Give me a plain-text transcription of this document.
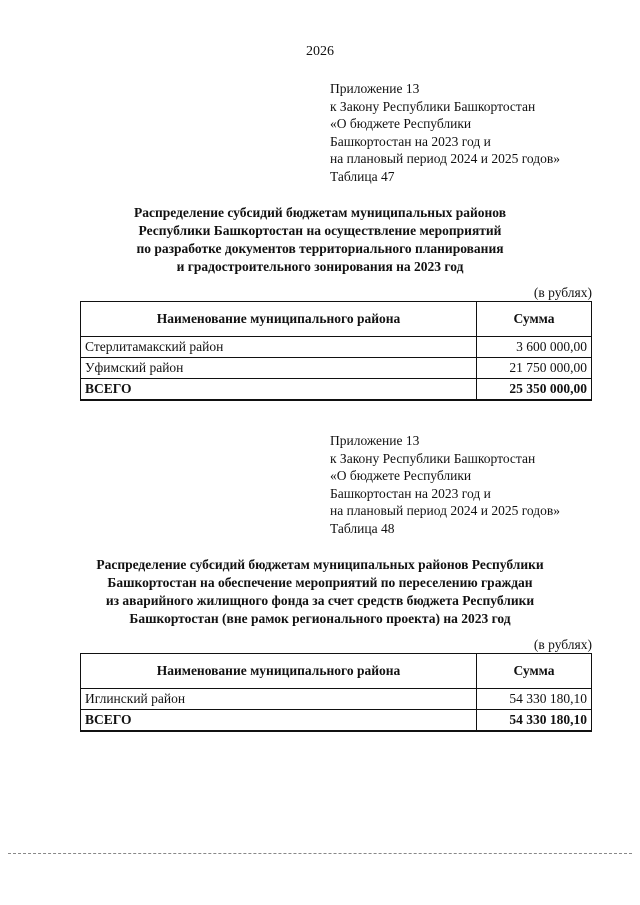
2026
Приложение 13
к Закону Республики Башкортостан
«О бюджете Республики
Башкортостан на 2023 год и
на плановый период 2024 и 2025 годов»
Таблица 47
Распределение субсидий бюджетам муниципальных районов
Республики Башкортостан на осуществление мероприятий
по разработке документов территориального планирования
и градостроительного зонирования на 2023 год
(в рублях)
Наименование муниципального района	Сумма
Стерлитамакский район	3 600 000,00
Уфимский район	21 750 000,00
ВСЕГО	25 350 000,00
Приложение 13
к Закону Республики Башкортостан
«О бюджете Республики
Башкортостан на 2023 год и
на плановый период 2024 и 2025 годов»
Таблица 48
Распределение субсидий бюджетам муниципальных районов Республики
Башкортостан на обеспечение мероприятий по переселению граждан
из аварийного жилищного фонда за счет средств бюджета Республики
Башкортостан (вне рамок регионального проекта) на 2023 год
(в рублях)
Наименование муниципального района	Сумма
Иглинский район	54 330 180,10
ВСЕГО	54 330 180,10
